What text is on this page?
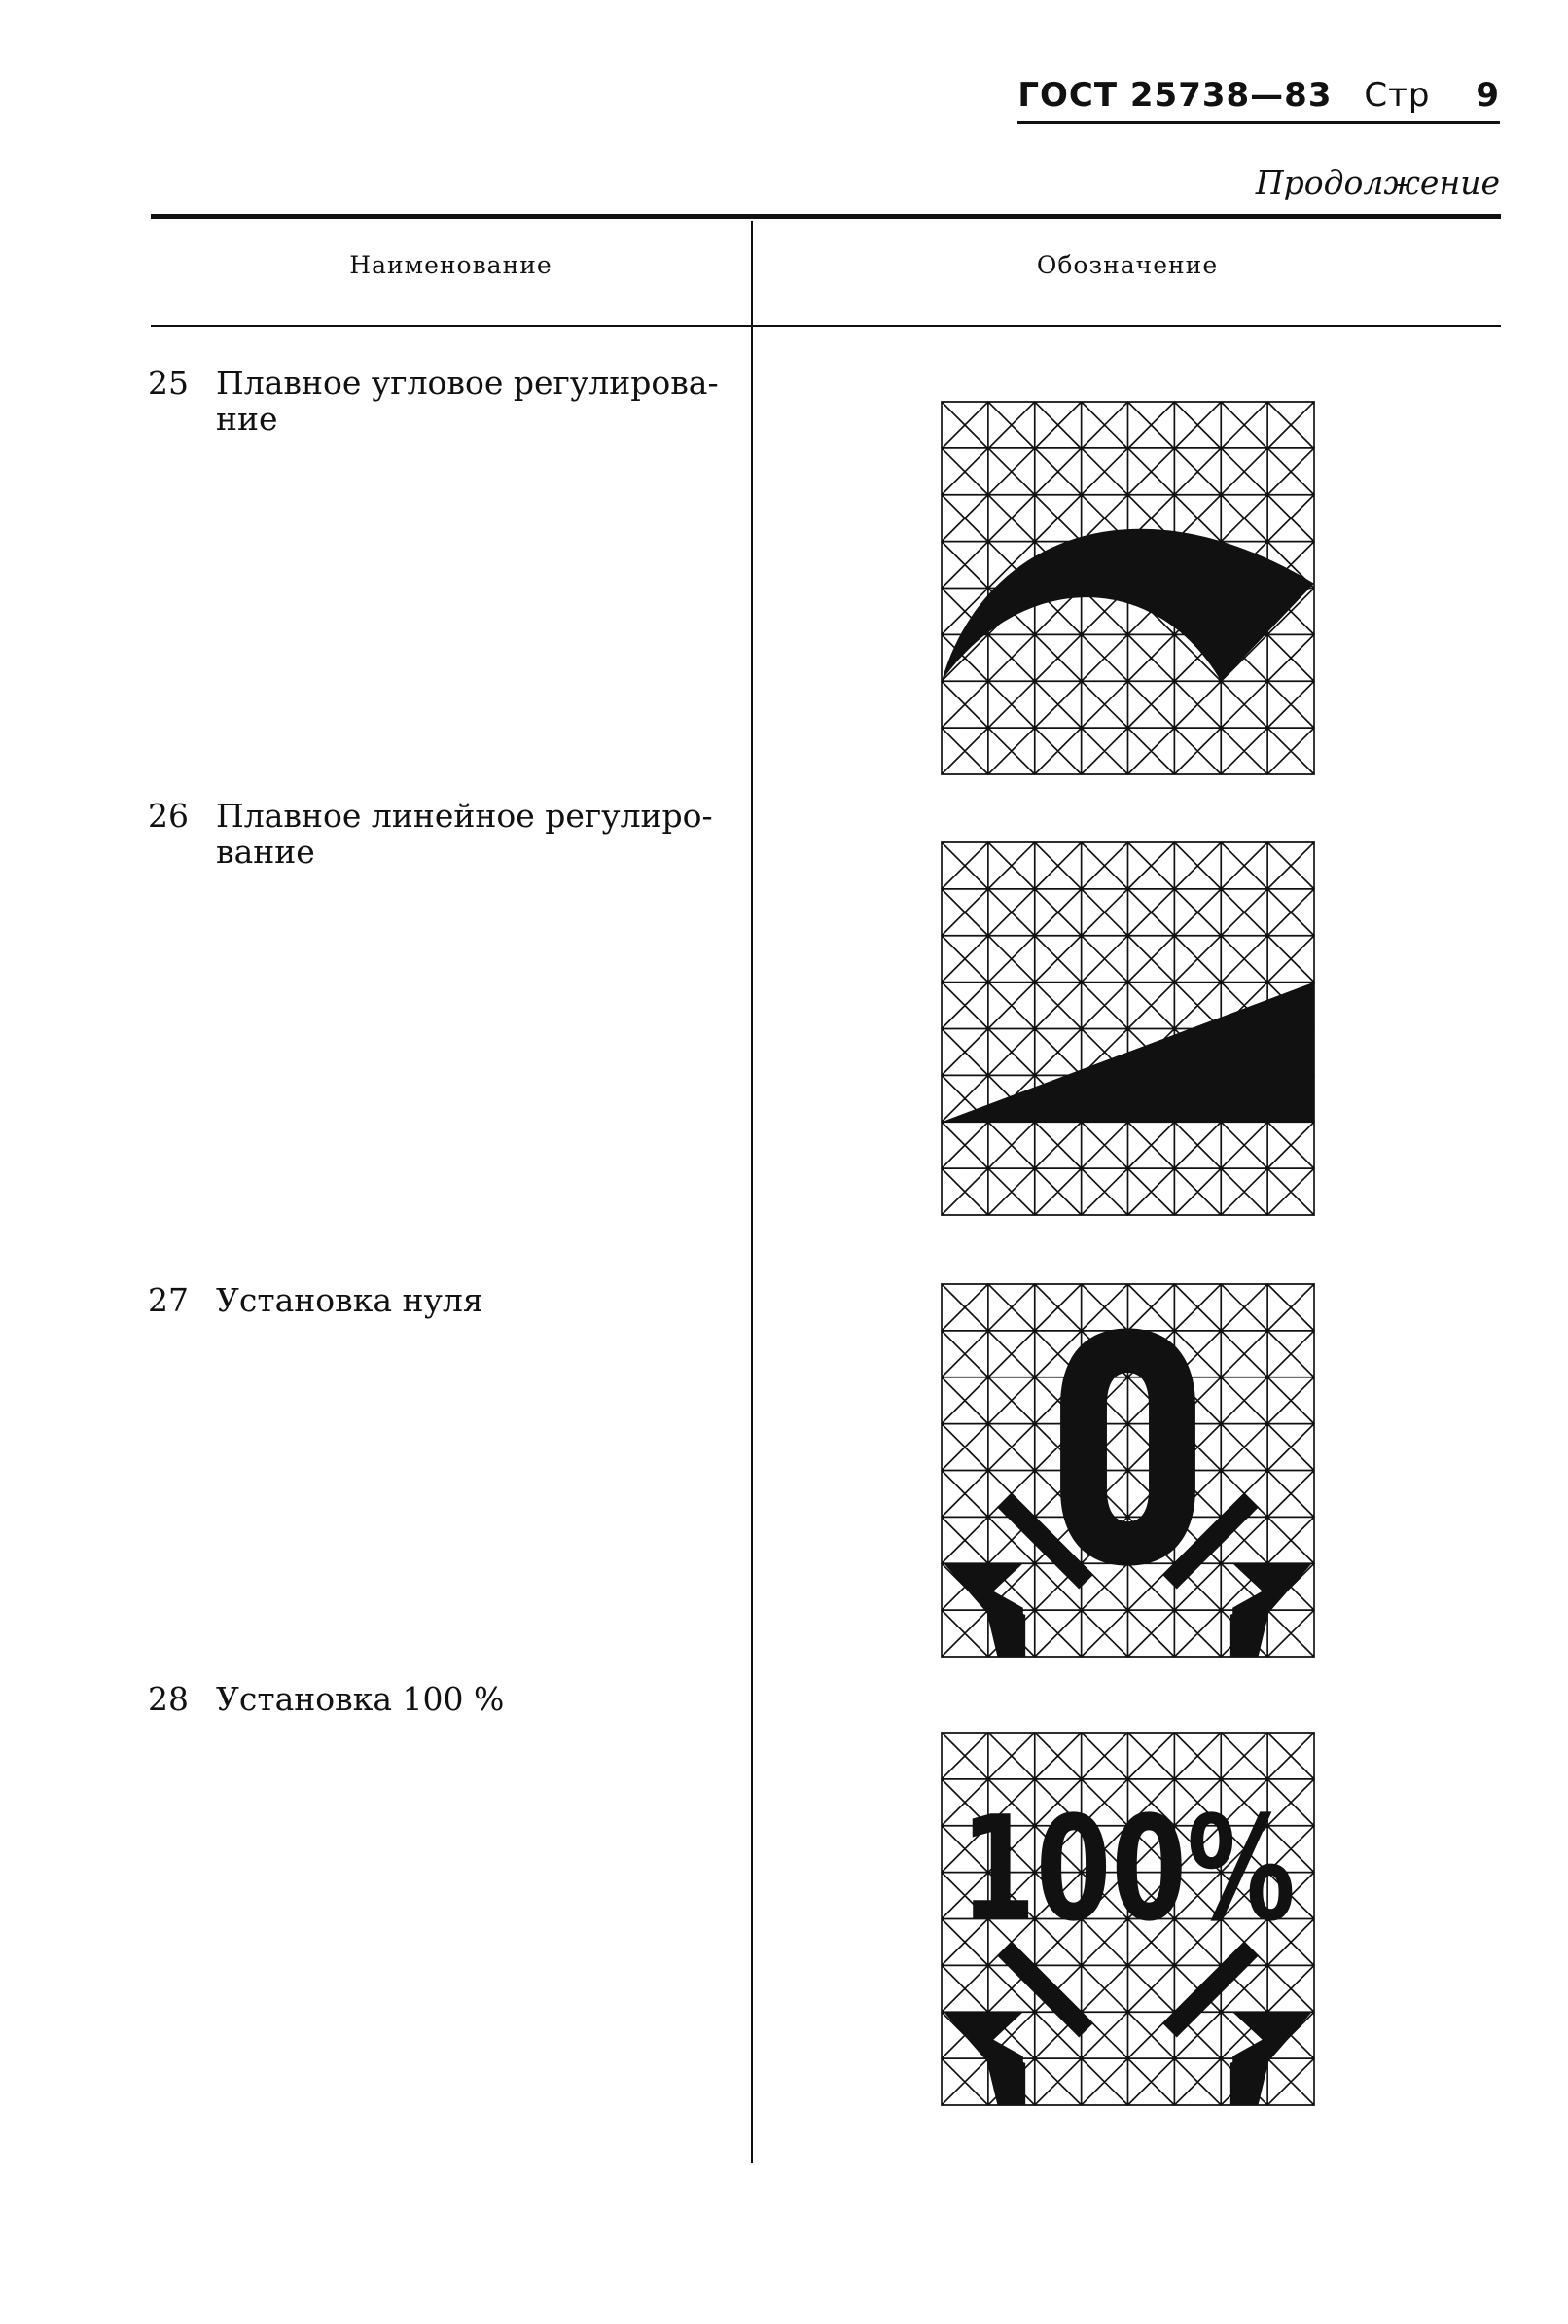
ГОСТ 25738—83 Стр 9
Продолжение
Наименование	Обозначение
25 Плавное угловое регулирова-
ние
26 Плавное линейное регулиро-
вание
27 Установка нуля
28 Установка 100 %
100%
